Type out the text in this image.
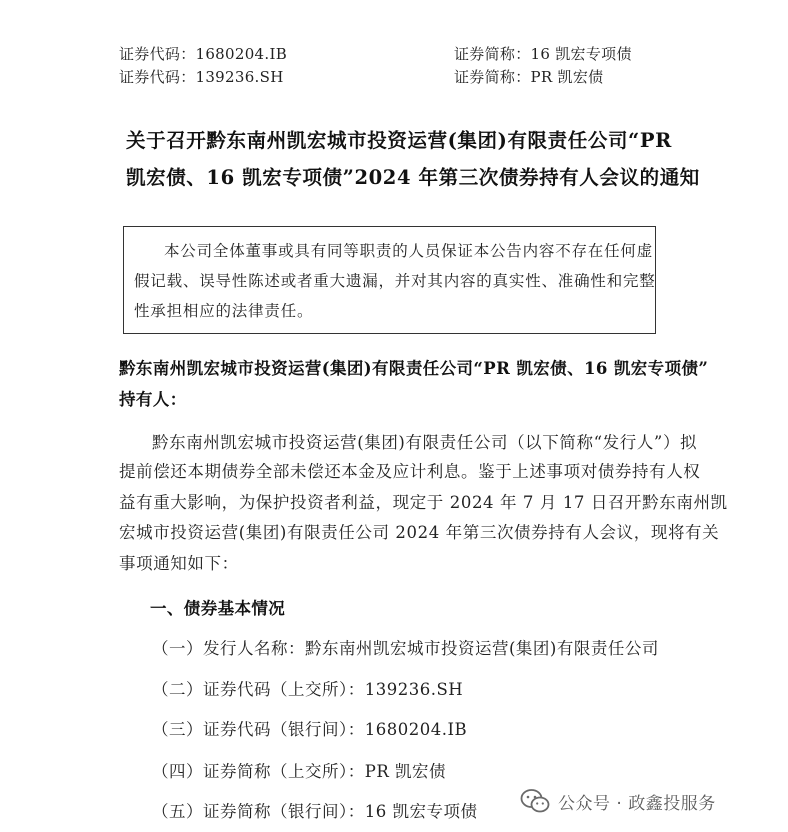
证券代码：1680204.IB
证券代码：139236.SH
证券简称：16 凯宏专项债
证券简称：PR 凯宏债
关于召开黔东南州凯宏城市投资运营(集团)有限责任公司“PR
凯宏债、16 凯宏专项债”2024 年第三次债券持有人会议的通知
本公司全体董事或具有同等职责的人员保证本公告内容不存在任何虚
假记载、误导性陈述或者重大遗漏，并对其内容的真实性、准确性和完整
性承担相应的法律责任。
黔东南州凯宏城市投资运营(集团)有限责任公司“PR 凯宏债、16 凯宏专项债”
持有人：
黔东南州凯宏城市投资运营(集团)有限责任公司（以下简称“发行人”）拟
提前偿还本期债券全部未偿还本金及应计利息。鉴于上述事项对债券持有人权
益有重大影响，为保护投资者利益，现定于 2024 年 7 月 17 日召开黔东南州凯
宏城市投资运营(集团)有限责任公司 2024 年第三次债券持有人会议，现将有关
事项通知如下：
一、债券基本情况
（一）发行人名称：黔东南州凯宏城市投资运营(集团)有限责任公司
（二）证券代码（上交所）：139236.SH
（三）证券代码（银行间）：1680204.IB
（四）证券简称（上交所）：PR 凯宏债
（五）证券简称（银行间）：16 凯宏专项债	公众号 · 政鑫投服务
